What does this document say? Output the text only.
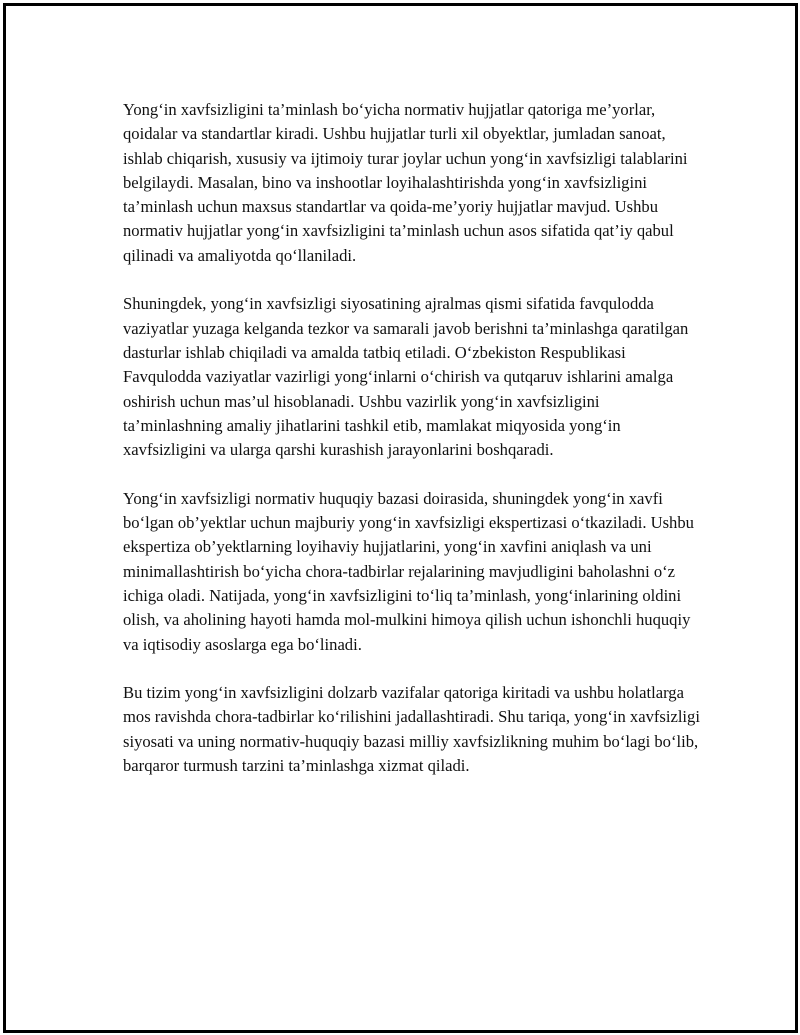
Yong‘in xavfsizligini ta’minlash bo‘yicha normativ hujjatlar qatoriga me’yorlar, qoidalar va standartlar kiradi. Ushbu hujjatlar turli xil obyektlar, jumladan sanoat, ishlab chiqarish, xususiy va ijtimoiy turar joylar uchun yong‘in xavfsizligi talablarini belgilaydi. Masalan, bino va inshootlar loyihalashtirishda yong‘in xavfsizligini ta’minlash uchun maxsus standartlar va qoida-me’yoriy hujjatlar mavjud. Ushbu normativ hujjatlar yong‘in xavfsizligini ta’minlash uchun asos sifatida qat’iy qabul qilinadi va amaliyotda qo‘llaniladi.

Shuningdek, yong‘in xavfsizligi siyosatining ajralmas qismi sifatida favqulodda vaziyatlar yuzaga kelganda tezkor va samarali javob berishni ta’minlashga qaratilgan dasturlar ishlab chiqiladi va amalda tatbiq etiladi. O‘zbekiston Respublikasi Favqulodda vaziyatlar vazirligi yong‘inlarni o‘chirish va qutqaruv ishlarini amalga oshirish uchun mas’ul hisoblanadi. Ushbu vazirlik yong‘in xavfsizligini ta’minlashning amaliy jihatlarini tashkil etib, mamlakat miqyosida yong‘in xavfsizligini va ularga qarshi kurashish jarayonlarini boshqaradi.

Yong‘in xavfsizligi normativ huquqiy bazasi doirasida, shuningdek yong‘in xavfi bo‘lgan ob’yektlar uchun majburiy yong‘in xavfsizligi ekspertizasi o‘tkaziladi. Ushbu ekspertiza ob’yektlarning loyihaviy hujjatlarini, yong‘in xavfini aniqlash va uni minimallashtirish bo‘yicha chora-tadbirlar rejalarining mavjudligini baholashni o‘z ichiga oladi. Natijada, yong‘in xavfsizligini to‘liq ta’minlash, yong‘inlarining oldini olish, va aholining hayoti hamda mol-mulkini himoya qilish uchun ishonchli huquqiy va iqtisodiy asoslarga ega bo‘linadi.

Bu tizim yong‘in xavfsizligini dolzarb vazifalar qatoriga kiritadi va ushbu holatlarga mos ravishda chora-tadbirlar ko‘rilishini jadallashtiradi. Shu tariqa, yong‘in xavfsizligi siyosati va uning normativ-huquqiy bazasi milliy xavfsizlikning muhim bo‘lagi bo‘lib, barqaror turmush tarzini ta’minlashga xizmat qiladi.
